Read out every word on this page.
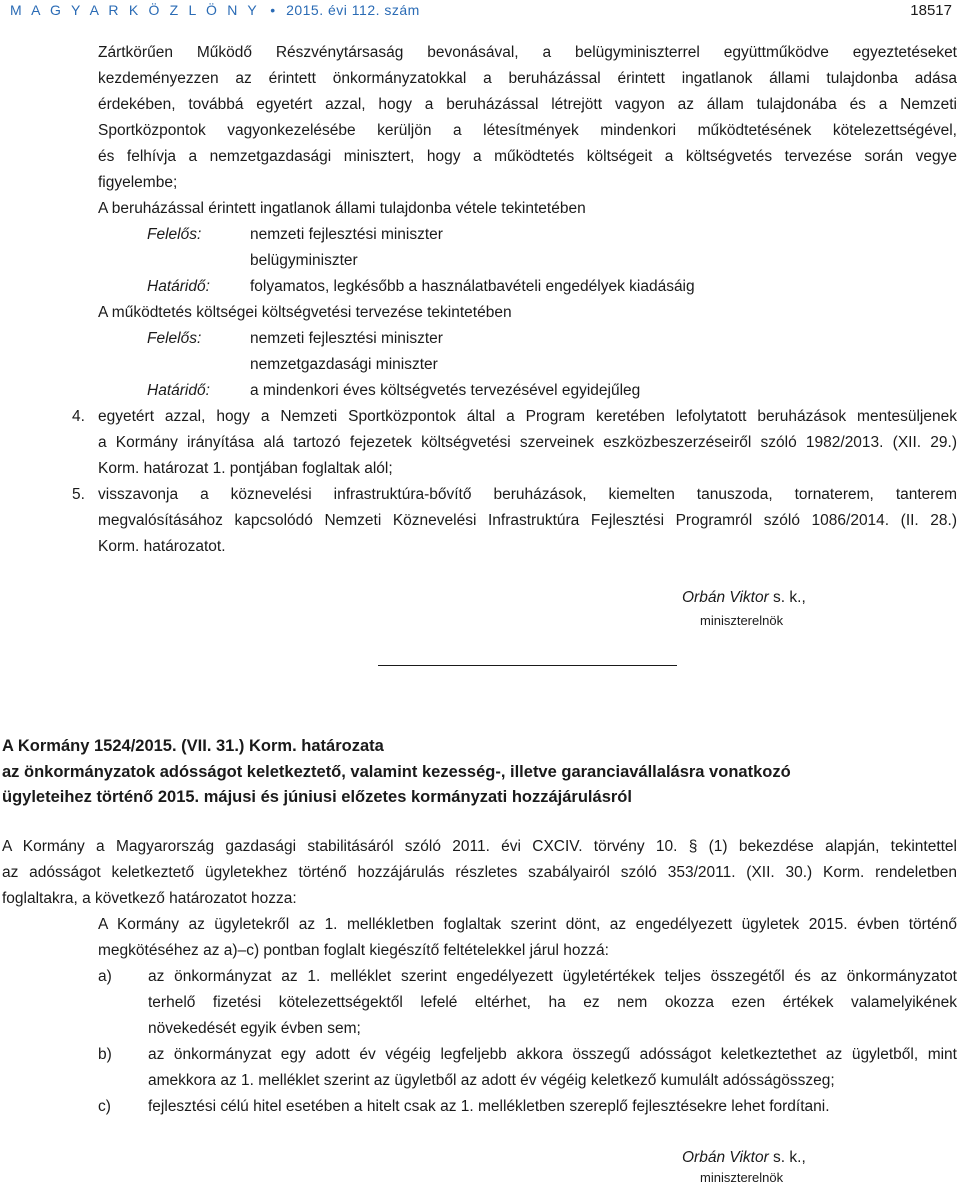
M A G Y A R K Ö Z L Ö N Y • 2015. évi 112. szám	18517
Zártkörűen Működő Részvénytársaság bevonásával, a belügyminiszterrel együttműködve egyeztetéseket
kezdeményezzen az érintett önkormányzatokkal a beruházással érintett ingatlanok állami tulajdonba adása
érdekében, továbbá egyetért azzal, hogy a beruházással létrejött vagyon az állam tulajdonába és a Nemzeti
Sportközpontok vagyonkezelésébe kerüljön a létesítmények mindenkori működtetésének kötelezettségével,
és felhívja a nemzetgazdasági minisztert, hogy a működtetés költségeit a költségvetés tervezése során vegye
figyelembe;
A beruházással érintett ingatlanok állami tulajdonba vétele tekintetében
Felelős:	nemzeti fejlesztési miniszter
belügyminiszter
Határidő:	folyamatos, legkésőbb a használatbavételi engedélyek kiadásáig
A működtetés költségei költségvetési tervezése tekintetében
Felelős:	nemzeti fejlesztési miniszter
nemzetgazdasági miniszter
Határidő:	a mindenkori éves költségvetés tervezésével egyidejűleg
4. egyetért azzal, hogy a Nemzeti Sportközpontok által a Program keretében lefolytatott beruházások mentesüljenek
a Kormány irányítása alá tartozó fejezetek költségvetési szerveinek eszközbeszerzéseiről szóló 1982/2013. (XII. 29.)
Korm. határozat 1. pontjában foglaltak alól;
5. visszavonja a köznevelési infrastruktúra-bővítő beruházások, kiemelten tanuszoda, tornaterem, tanterem
megvalósításához kapcsolódó Nemzeti Köznevelési Infrastruktúra Fejlesztési Programról szóló 1086/2014. (II. 28.)
Korm. határozatot.
Orbán Viktor s. k.,
miniszterelnök
A Kormány 1524/2015. (VII. 31.) Korm. határozata
az önkormányzatok adósságot keletkeztető, valamint kezesség-, illetve garanciavállalásra vonatkozó
ügyleteihez történő 2015. májusi és júniusi előzetes kormányzati hozzájárulásról
A Kormány a Magyarország gazdasági stabilitásáról szóló 2011. évi CXCIV. törvény 10. § (1) bekezdése alapján, tekintettel
az adósságot keletkeztető ügyletekhez történő hozzájárulás részletes szabályairól szóló 353/2011. (XII. 30.) Korm. rendeletben
foglaltakra, a következő határozatot hozza:
A Kormány az ügyletekről az 1. mellékletben foglaltak szerint dönt, az engedélyezett ügyletek 2015. évben történő
megkötéséhez az a)–c) pontban foglalt kiegészítő feltételekkel járul hozzá:
a) az önkormányzat az 1. melléklet szerint engedélyezett ügyletértékek teljes összegétől és az önkormányzatot
terhelő fizetési kötelezettségektől lefelé eltérhet, ha ez nem okozza ezen értékek valamelyikének
növekedését egyik évben sem;
b) az önkormányzat egy adott év végéig legfeljebb akkora összegű adósságot keletkeztethet az ügyletből, mint
amekkora az 1. melléklet szerint az ügyletből az adott év végéig keletkező kumulált adósságösszeg;
c) fejlesztési célú hitel esetében a hitelt csak az 1. mellékletben szereplő fejlesztésekre lehet fordítani.
Orbán Viktor s. k.,
miniszterelnök
